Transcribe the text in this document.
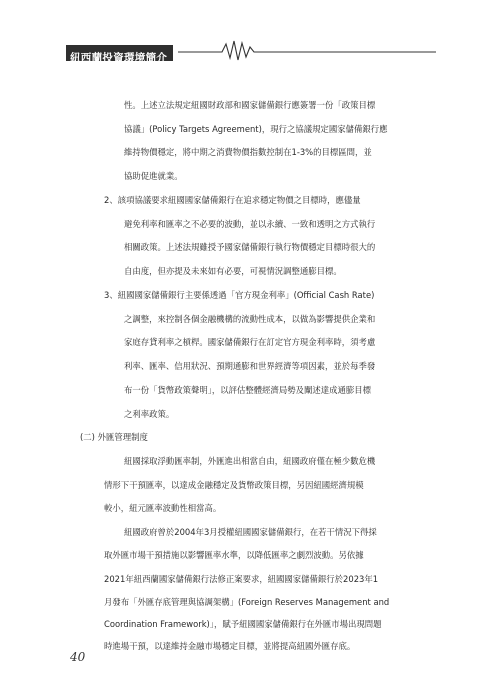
紐西蘭投資環境簡介
性。上述立法規定紐國財政部和國家儲備銀行應簽署一份「政策目標
協議」(Policy Targets Agreement)，現行之協議規定國家儲備銀行應
維持物價穩定，將中期之消費物價指數控制在1-3%的目標區間，並
協助促進就業。
2、該項協議要求紐國國家儲備銀行在追求穩定物價之目標時，應儘量
避免利率和匯率之不必要的波動，並以永續、一致和透明之方式執行
相關政策。上述法規雖授予國家儲備銀行執行物價穩定目標時很大的
自由度，但亦提及未來如有必要，可視情況調整通膨目標。
3、紐國國家儲備銀行主要係透過「官方現金利率」(Official Cash Rate)
之調整，來控制各個金融機構的流動性成本，以做為影響提供企業和
家庭存貸利率之槓桿。國家儲備銀行在訂定官方現金利率時，須考慮
利率、匯率、信用狀況、預期通膨和世界經濟等項因素，並於每季發
布一份「貨幣政策聲明」，以評估整體經濟局勢及闡述達成通膨目標
之利率政策。
(二) 外匯管理制度
紐國採取浮動匯率制，外匯進出相當自由，紐國政府僅在極少數危機
情形下干預匯率，以達成金融穩定及貨幣政策目標，另因紐國經濟規模
較小，紐元匯率波動性相當高。
紐國政府曾於2004年3月授權紐國國家儲備銀行，在若干情況下得採
取外匯市場干預措施以影響匯率水準，以降低匯率之劇烈波動。另依據
2021年紐西蘭國家儲備銀行法修正案要求，紐國國家儲備銀行於2023年1
月發布「外匯存底管理與協調架構」(Foreign Reserves Management and
Coordination Framework)」，賦予紐國國家儲備銀行在外匯市場出現問題
時進場干預，以達維持金融市場穩定目標，並將提高紐國外匯存底。
40
